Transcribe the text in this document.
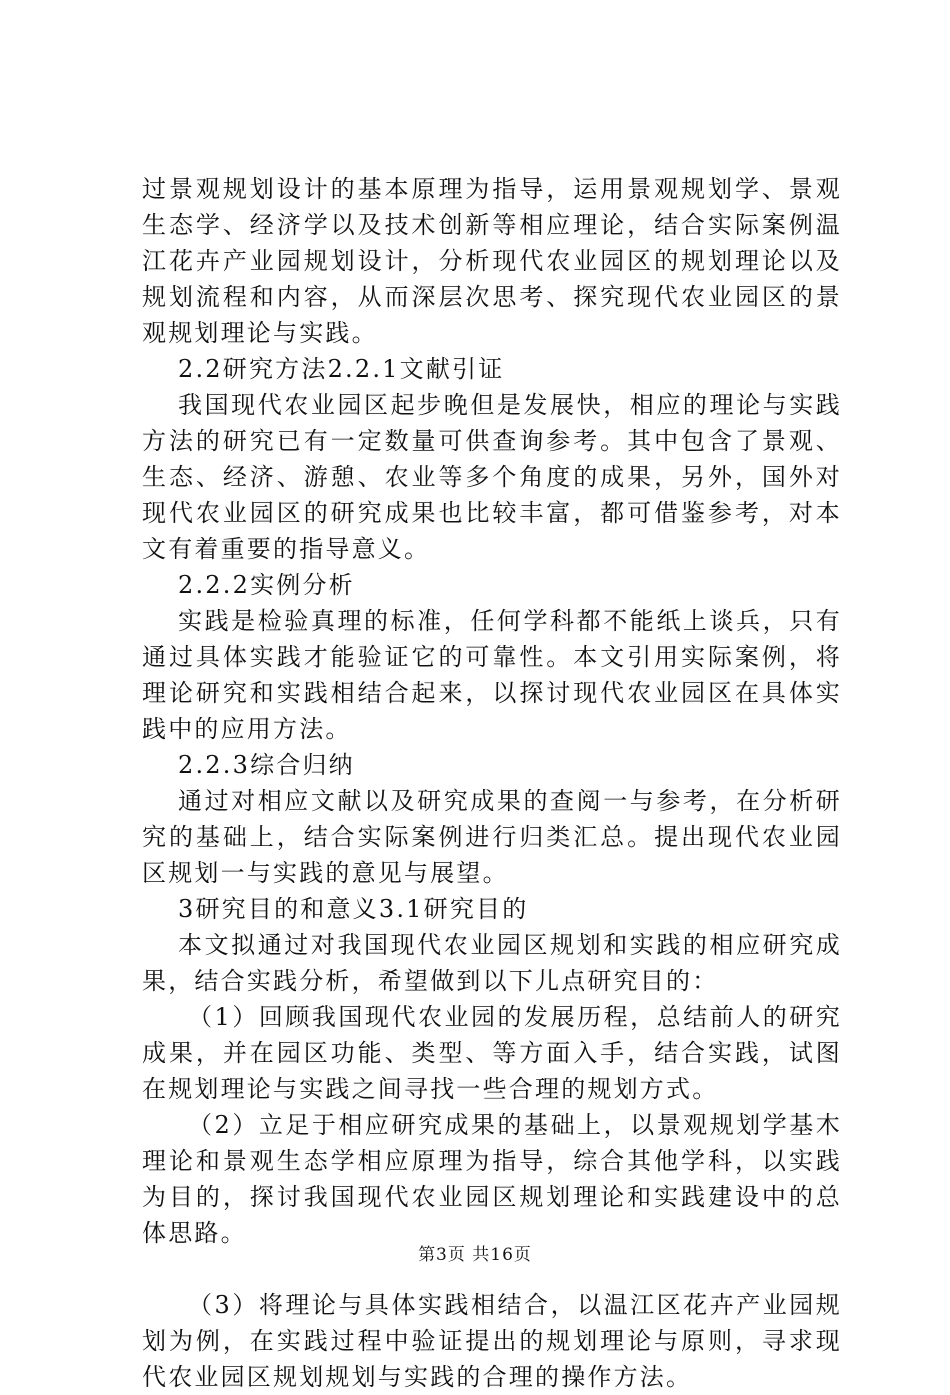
过景观规划设计的基本原理为指导，运用景观规划学、景观生态学、经济学以及技术创新等相应理论，结合实际案例温江花卉产业园规划设计，分析现代农业园区的规划理论以及规划流程和内容，从而深层次思考、探究现代农业园区的景观规划理论与实践。

2.2研究方法2.2.1文献引证

我国现代农业园区起步晚但是发展快，相应的理论与实践方法的研究已有一定数量可供查询参考。其中包含了景观、生态、经济、游憩、农业等多个角度的成果，另外，国外对现代农业园区的研究成果也比较丰富，都可借鉴参考，对本文有着重要的指导意义。

2.2.2实例分析

实践是检验真理的标准，任何学科都不能纸上谈兵，只有通过具体实践才能验证它的可靠性。本文引用实际案例，将理论研究和实践相结合起来，以探讨现代农业园区在具体实践中的应用方法。

2.2.3综合归纳

通过对相应文献以及研究成果的查阅一与参考，在分析研究的基础上，结合实际案例进行归类汇总。提出现代农业园区规划一与实践的意见与展望。

3研究目的和意义3.1研究目的

本文拟通过对我国现代农业园区规划和实践的相应研究成果，结合实践分析，希望做到以下儿点研究目的：

（1）回顾我国现代农业园的发展历程，总结前人的研究成果，并在园区功能、类型、等方面入手，结合实践，试图在规划理论与实践之间寻找一些合理的规划方式。

（2）立足于相应研究成果的基础上，以景观规划学基木理论和景观生态学相应原理为指导，综合其他学科，以实践为目的，探讨我国现代农业园区规划理论和实践建设中的总体思路。

（3）将理论与具体实践相结合，以温江区花卉产业园规划为例，在实践过程中验证提出的规划理论与原则，寻求现代农业园区规划规划与实践的合理的操作方法。

第3页 共16页
